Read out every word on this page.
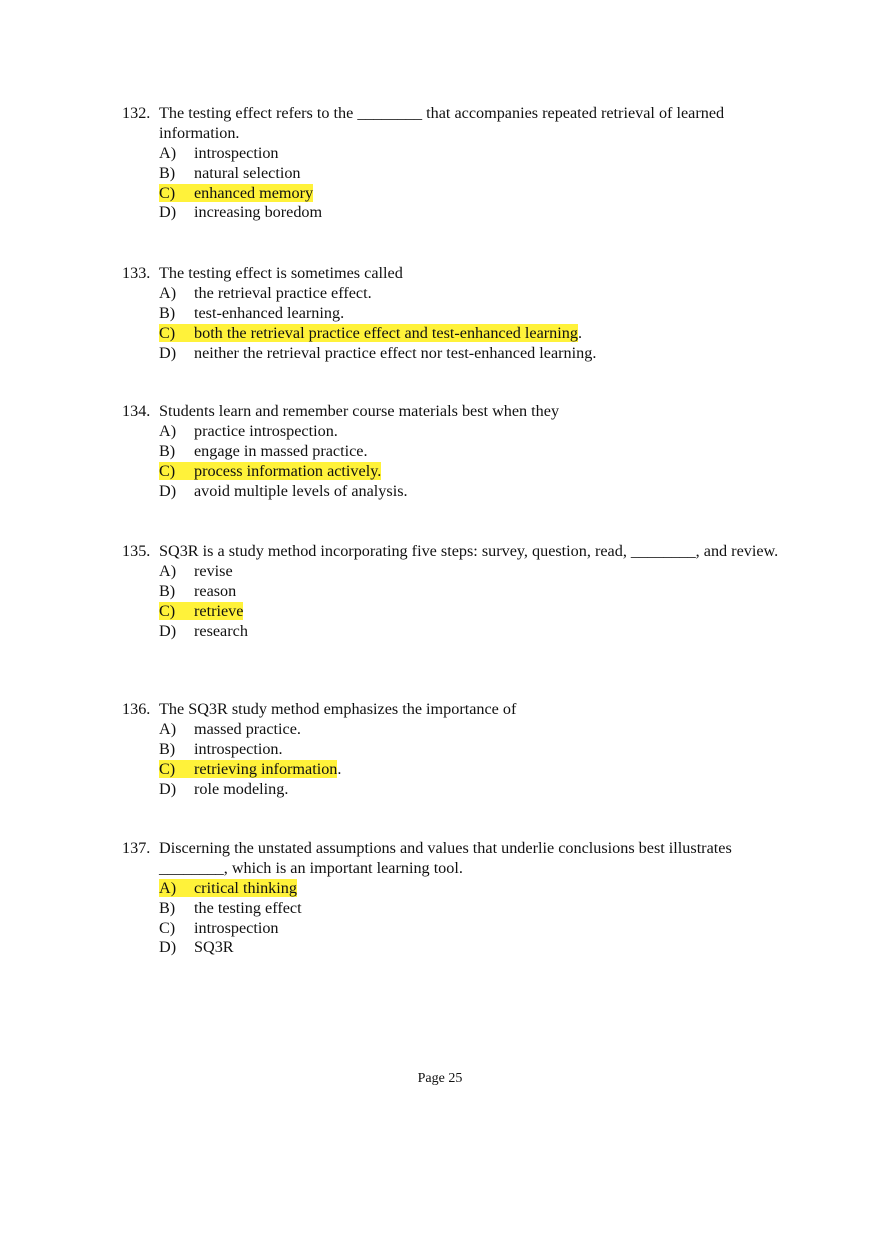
132. The testing effect refers to the ________ that accompanies repeated retrieval of learned information.
A) introspection
B) natural selection
C) enhanced memory
D) increasing boredom
133. The testing effect is sometimes called
A) the retrieval practice effect.
B) test-enhanced learning.
C) both the retrieval practice effect and test-enhanced learning.
D) neither the retrieval practice effect nor test-enhanced learning.
134. Students learn and remember course materials best when they
A) practice introspection.
B) engage in massed practice.
C) process information actively.
D) avoid multiple levels of analysis.
135. SQ3R is a study method incorporating five steps: survey, question, read, ________, and review.
A) revise
B) reason
C) retrieve
D) research
136. The SQ3R study method emphasizes the importance of
A) massed practice.
B) introspection.
C) retrieving information.
D) role modeling.
137. Discerning the unstated assumptions and values that underlie conclusions best illustrates ________, which is an important learning tool.
A) critical thinking
B) the testing effect
C) introspection
D) SQ3R
Page 25
